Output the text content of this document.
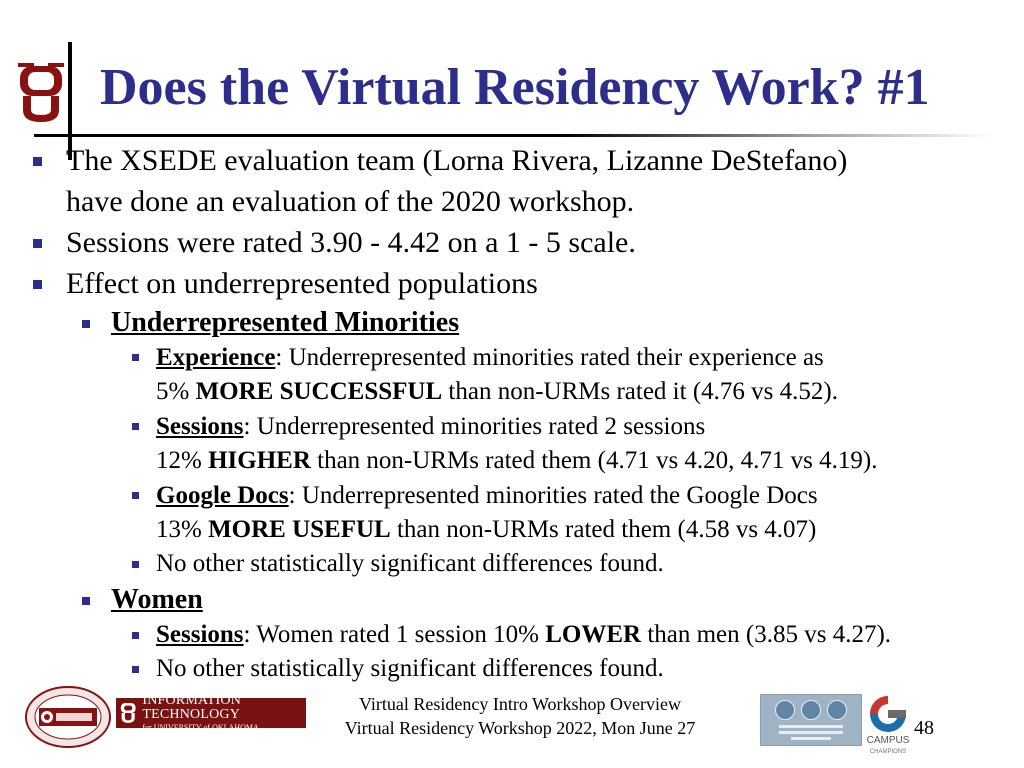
Does the Virtual Residency Work? #1
The XSEDE evaluation team (Lorna Rivera, Lizanne DeStefano)
have done an evaluation of the 2020 workshop.
Sessions were rated 3.90 - 4.42 on a 1 - 5 scale.
Effect on underrepresented populations
Underrepresented Minorities
Experience: Underrepresented minorities rated their experience as
5% MORE SUCCESSFUL than non-URMs rated it (4.76 vs 4.52).
Sessions: Underrepresented minorities rated 2 sessions
12% HIGHER than non-URMs rated them (4.71 vs 4.20, 4.71 vs 4.19).
Google Docs: Underrepresented minorities rated the Google Docs
13% MORE USEFUL than non-URMs rated them (4.58 vs 4.07)
No other statistically significant differences found.
Women
Sessions: Women rated 1 session 10% LOWER than men (3.85 vs 4.27).
No other statistically significant differences found.
INFORMATION TECHNOLOGY
for UNIVERSITY of OKLAHOMA
Virtual Residency Intro Workshop Overview
Virtual Residency Workshop 2022, Mon June 27
CAMPUS
CHAMPIONS
48
